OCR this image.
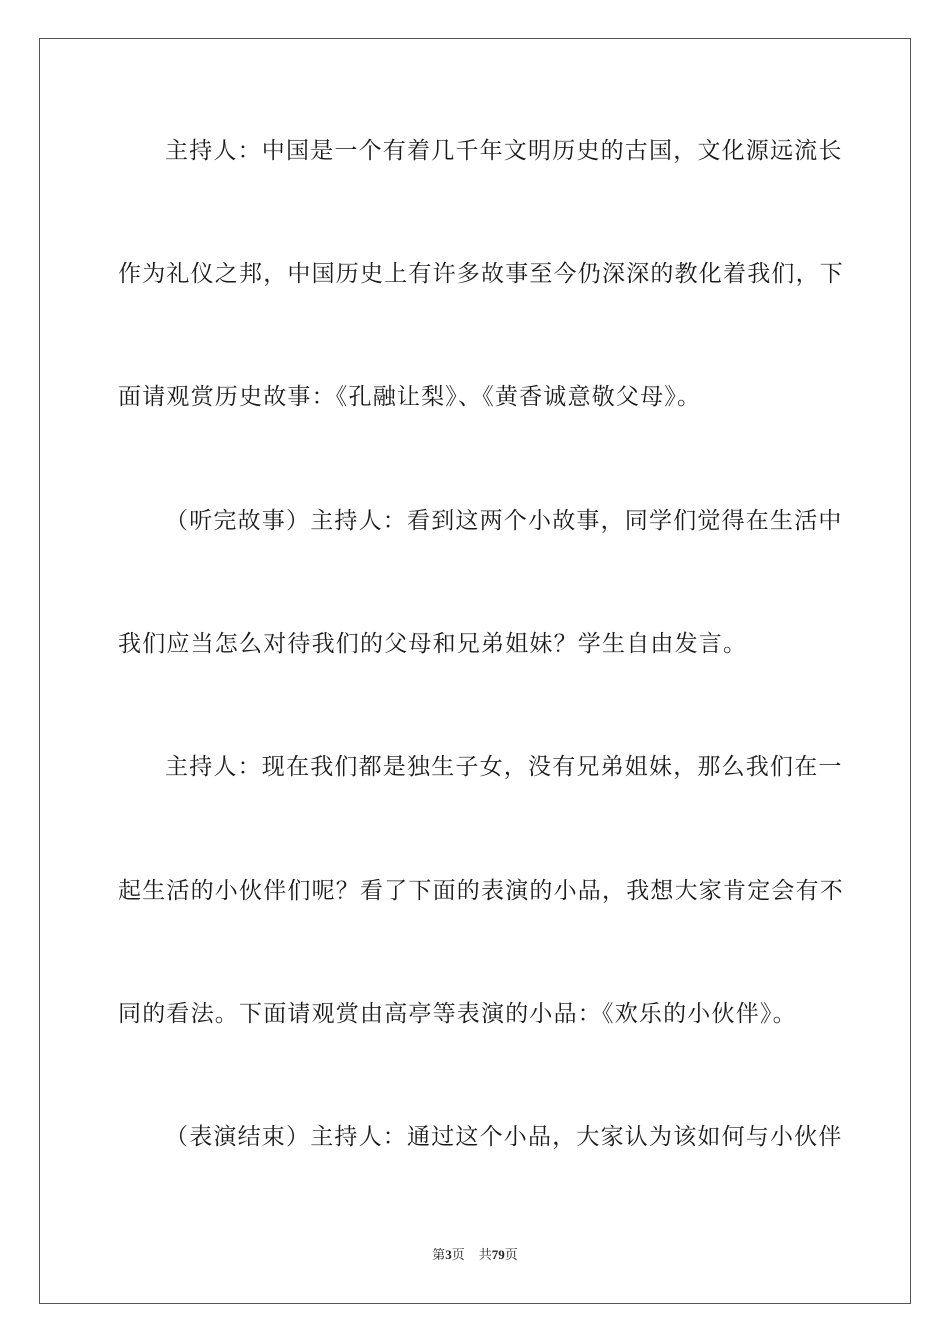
主持人：中国是一个有着几千年文明历史的古国，文化源远流长
作为礼仪之邦，中国历史上有许多故事至今仍深深的教化着我们，下
面请观赏历史故事：《孔融让梨》、《黄香诚意敬父母》。
（听完故事）主持人：看到这两个小故事，同学们觉得在生活中
我们应当怎么对待我们的父母和兄弟姐妹？学生自由发言。
主持人：现在我们都是独生子女，没有兄弟姐妹，那么我们在一
起生活的小伙伴们呢？看了下面的表演的小品，我想大家肯定会有不
同的看法。下面请观赏由高亭等表演的小品：《欢乐的小伙伴》。
（表演结束）主持人：通过这个小品，大家认为该如何与小伙伴
第3页 共79页
